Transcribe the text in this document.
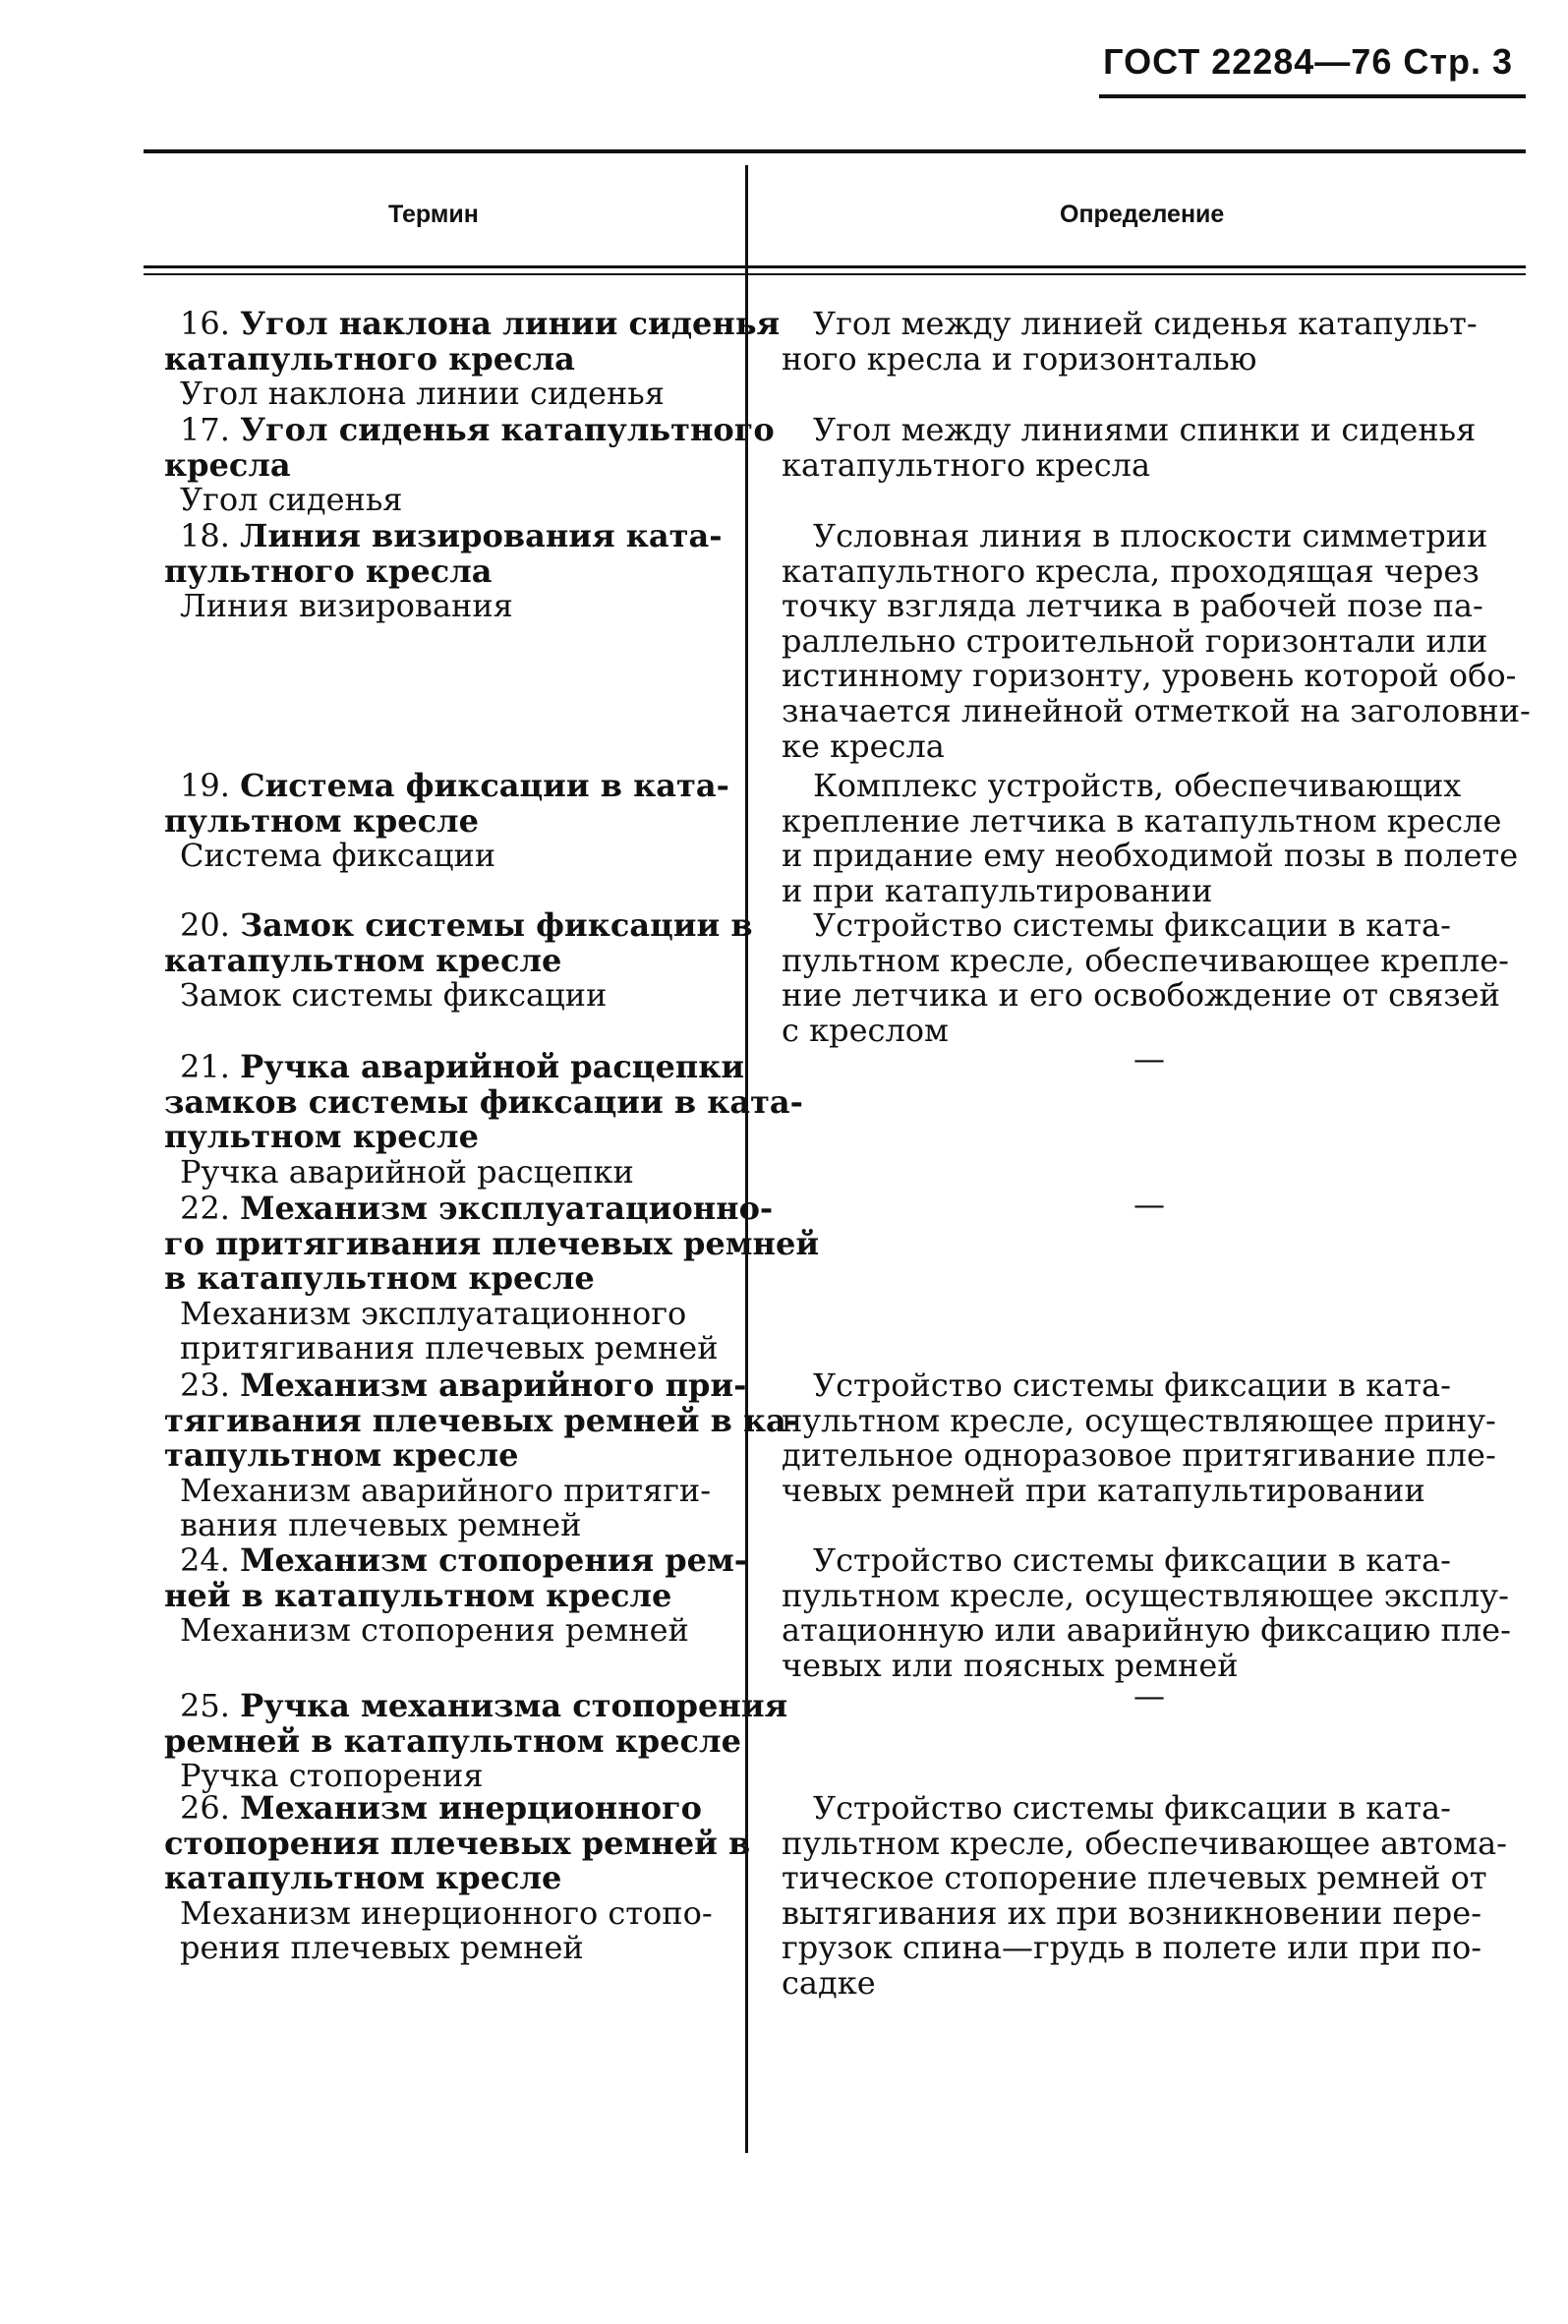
ГОСТ 22284—76 Стр. 3
Термин	Определение
16. Угол наклона линии сиденья
катапультного кресла
Угол наклона линии сиденья
Угол между линией сиденья катапульт-
ного кресла и горизонталью
17. Угол сиденья катапультного
кресла
Угол сиденья
Угол между линиями спинки и сиденья
катапультного кресла
18. Линия визирования ката-
пультного кресла
Линия визирования
Условная линия в плоскости симметрии
катапультного кресла, проходящая через
точку взгляда летчика в рабочей позе па-
раллельно строительной горизонтали или
истинному горизонту, уровень которой обо-
значается линейной отметкой на заголовни-
ке кресла
19. Система фиксации в ката-
пультном кресле
Система фиксации
Комплекс устройств, обеспечивающих
крепление летчика в катапультном кресле
и придание ему необходимой позы в полете
и при катапультировании
20. Замок системы фиксации в
катапультном кресле
Замок системы фиксации
Устройство системы фиксации в ката-
пультном кресле, обеспечивающее крепле-
ние летчика и его освобождение от связей
с креслом
21. Ручка аварийной расцепки
замков системы фиксации в ката-
пультном кресле
Ручка аварийной расцепки
—
22. Механизм эксплуатационно-
го притягивания плечевых ремней
в катапультном кресле
Механизм эксплуатационного
притягивания плечевых ремней
—
23. Механизм аварийного при-
тягивания плечевых ремней в ка-
тапультном кресле
Механизм аварийного притяги-
вания плечевых ремней
Устройство системы фиксации в ката-
пультном кресле, осуществляющее прину-
дительное одноразовое притягивание пле-
чевых ремней при катапультировании
24. Механизм стопорения рем-
ней в катапультном кресле
Механизм стопорения ремней
Устройство системы фиксации в ката-
пультном кресле, осуществляющее эксплу-
атационную или аварийную фиксацию пле-
чевых или поясных ремней
25. Ручка механизма стопорения
ремней в катапультном кресле
Ручка стопорения
—
26. Механизм инерционного
стопорения плечевых ремней в
катапультном кресле
Механизм инерционного стопо-
рения плечевых ремней
Устройство системы фиксации в ката-
пультном кресле, обеспечивающее автома-
тическое стопорение плечевых ремней от
вытягивания их при возникновении пере-
грузок спина—грудь в полете или при по-
садке
